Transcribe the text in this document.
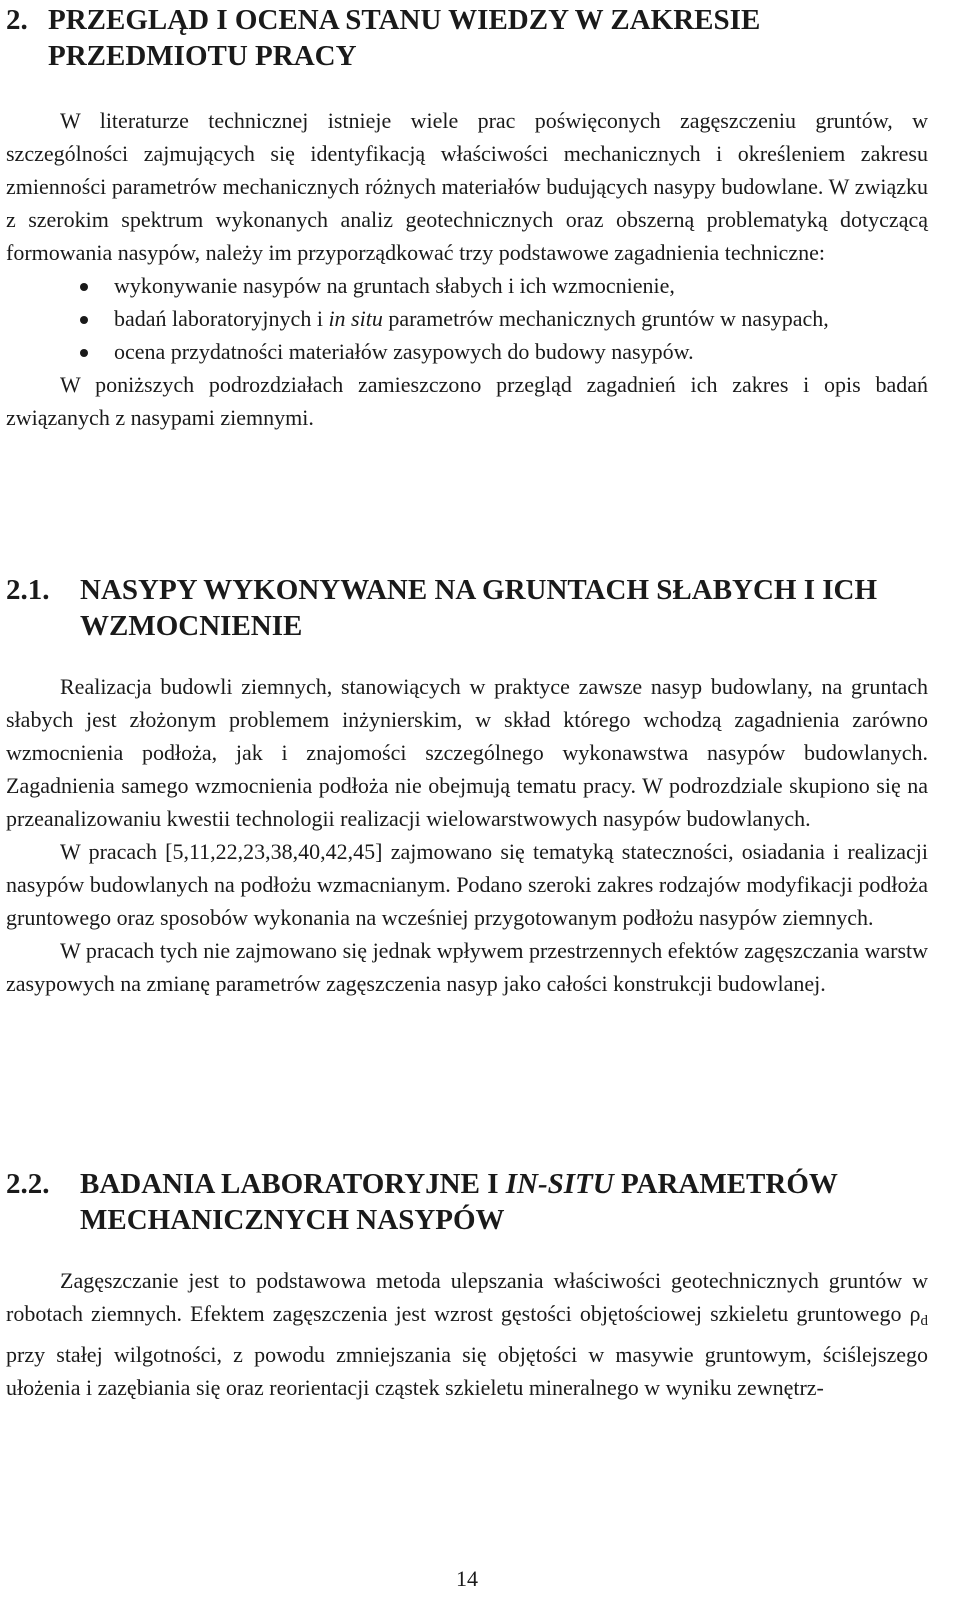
2. PRZEGLĄD I OCENA STANU WIEDZY W ZAKRESIE PRZEDMIOTU PRACY

W literaturze technicznej istnieje wiele prac poświęconych zagęszczeniu gruntów, w szczególności zajmujących się identyfikacją właściwości mechanicznych i określeniem zakresu zmienności parametrów mechanicznych różnych materiałów budujących nasypy budowlane. W związku z szerokim spektrum wykonanych analiz geotechnicznych oraz obszerną problematyką dotyczącą formowania nasypów, należy im przyporządkować trzy podstawowe zagadnienia techniczne:

wykonywanie nasypów na gruntach słabych i ich wzmocnienie,
badań laboratoryjnych i in situ parametrów mechanicznych gruntów w nasypach,
ocena przydatności materiałów zasypowych do budowy nasypów.

W poniższych podrozdziałach zamieszczono przegląd zagadnień ich zakres i opis badań związanych z nasypami ziemnymi.

2.1. NASYPY WYKONYWANE NA GRUNTACH SŁABYCH I ICH WZMOCNIENIE

Realizacja budowli ziemnych, stanowiących w praktyce zawsze nasyp budowlany, na gruntach słabych jest złożonym problemem inżynierskim, w skład którego wchodzą zagadnienia zarówno wzmocnienia podłoża, jak i znajomości szczególnego wykonawstwa nasypów budowlanych. Zagadnienia samego wzmocnienia podłoża nie obejmują tematu pracy. W podrozdziale skupiono się na przeanalizowaniu kwestii technologii realizacji wielowarstwowych nasypów budowlanych.

W pracach [5,11,22,23,38,40,42,45] zajmowano się tematyką stateczności, osiadania i realizacji nasypów budowlanych na podłożu wzmacnianym. Podano szeroki zakres rodzajów modyfikacji podłoża gruntowego oraz sposobów wykonania na wcześniej przygotowanym podłożu nasypów ziemnych.

W pracach tych nie zajmowano się jednak wpływem przestrzennych efektów zagęszczania warstw zasypowych na zmianę parametrów zagęszczenia nasyp jako całości konstrukcji budowlanej.

2.2. BADANIA LABORATORYJNE I IN-SITU PARAMETRÓW
MECHANICZNYCH NASYPÓW

Zagęszczanie jest to podstawowa metoda ulepszania właściwości geotechnicznych gruntów w robotach ziemnych. Efektem zagęszczenia jest wzrost gęstości objętościowej szkieletu gruntowego $\rho_d$ przy stałej wilgotności, z powodu zmniejszania się objętości w masywie gruntowym, ściślejszego ułożenia i zazębiania się oraz reorientacji cząstek szkieletu mineralnego w wyniku zewnętrz-

14
